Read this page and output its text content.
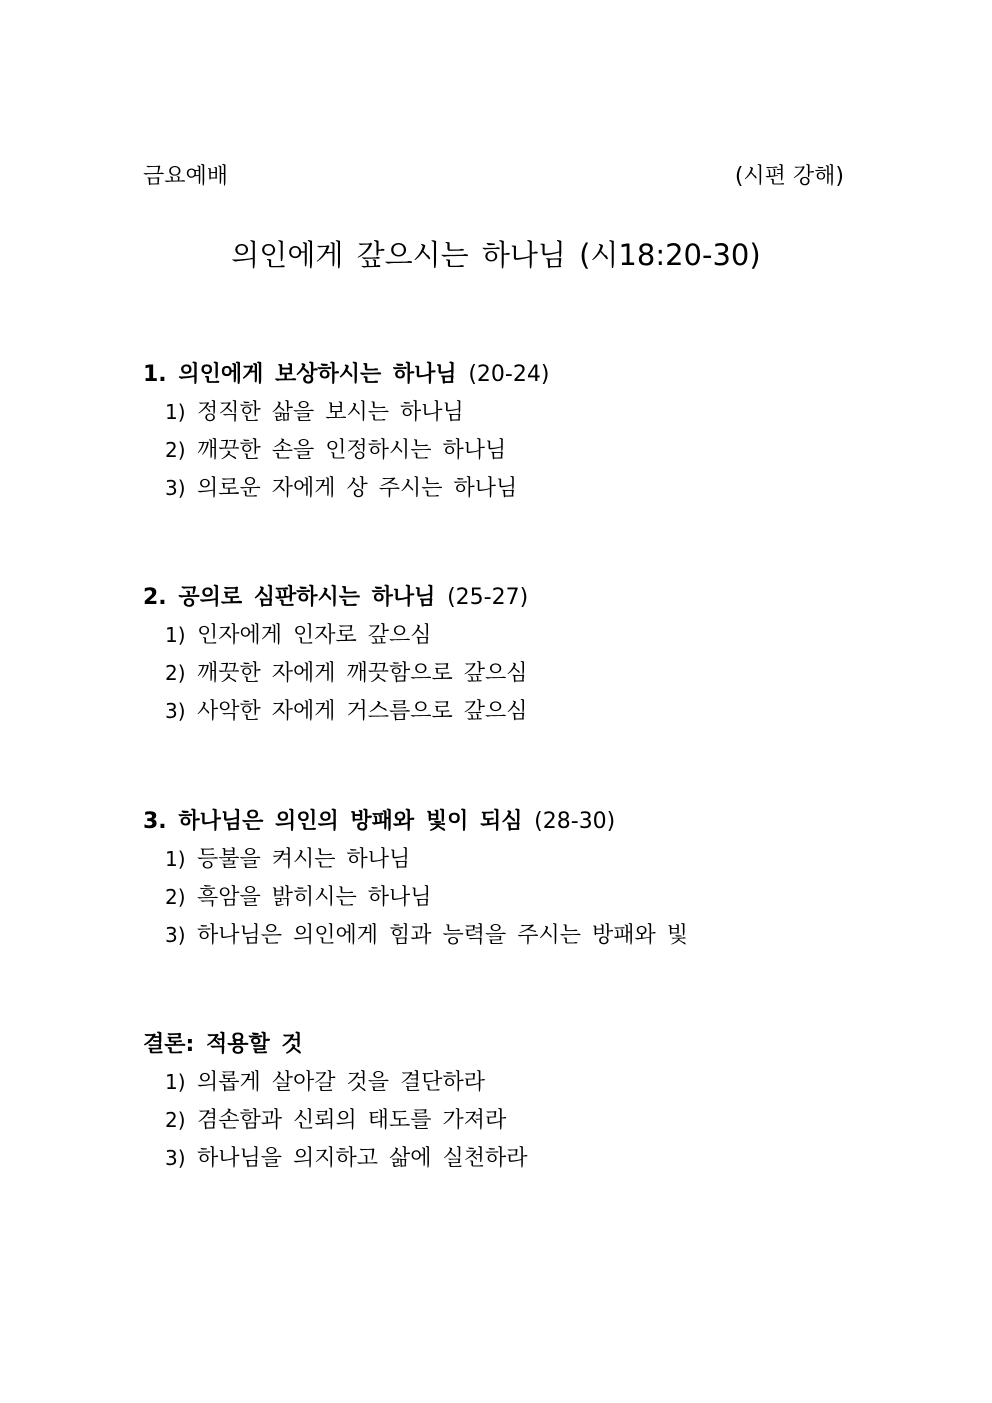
금요예배	(시편 강해)
의인에게 갚으시는 하나님 (시18:20-30)
1. 의인에게 보상하시는 하나님 (20-24)
1) 정직한 삶을 보시는 하나님
2) 깨끗한 손을 인정하시는 하나님
3) 의로운 자에게 상 주시는 하나님
2. 공의로 심판하시는 하나님 (25-27)
1) 인자에게 인자로 갚으심
2) 깨끗한 자에게 깨끗함으로 갚으심
3) 사악한 자에게 거스름으로 갚으심
3. 하나님은 의인의 방패와 빛이 되심 (28-30)
1) 등불을 켜시는 하나님
2) 흑암을 밝히시는 하나님
3) 하나님은 의인에게 힘과 능력을 주시는 방패와 빛
결론: 적용할 것
1) 의롭게 살아갈 것을 결단하라
2) 겸손함과 신뢰의 태도를 가져라
3) 하나님을 의지하고 삶에 실천하라
